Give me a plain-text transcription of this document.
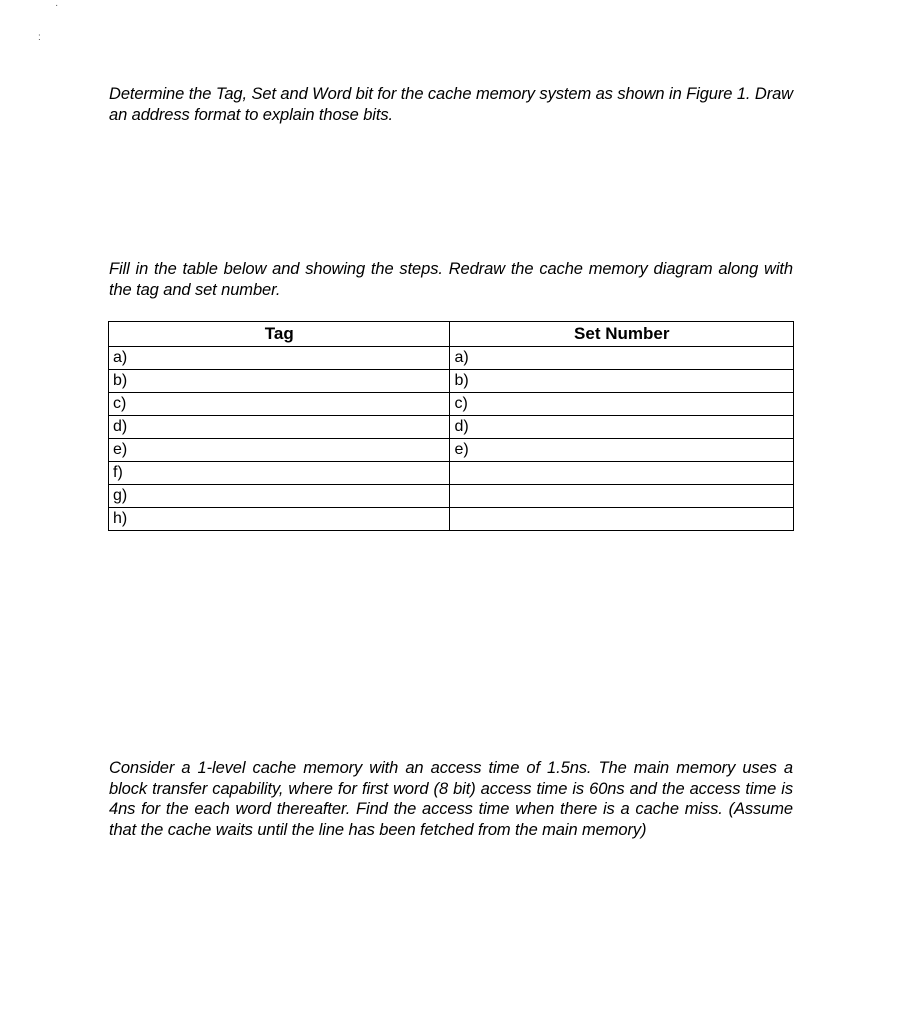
·
:

Determine the Tag, Set and Word bit for the cache memory system as shown in Figure 1. Draw an address format to explain those bits.

Fill in the table below and showing the steps. Redraw the cache memory diagram along with the tag and set number.

Tag	Set Number
a)	a)
b)	b)
c)	c)
d)	d)
e)	e)
f)	
g)	
h)	

Consider a 1-level cache memory with an access time of 1.5ns. The main memory uses a block transfer capability, where for first word (8 bit) access time is 60ns and the access time is 4ns for the each word thereafter. Find the access time when there is a cache miss. (Assume that the cache waits until the line has been fetched from the main memory)
